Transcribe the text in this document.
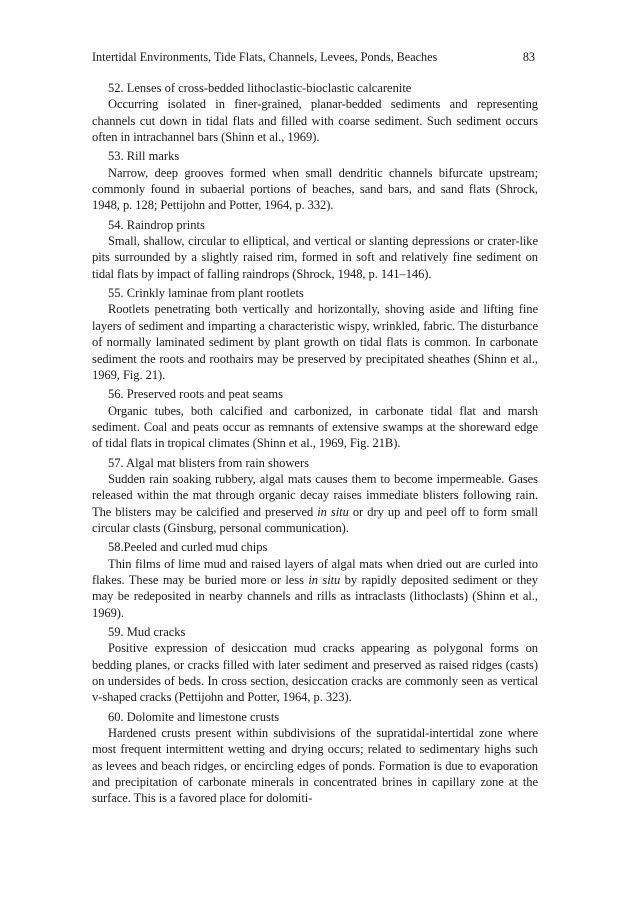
Intertidal Environments, Tide Flats, Channels, Levees, Ponds, Beaches	83

52. Lenses of cross-bedded lithoclastic-bioclastic calcarenite

Occurring isolated in finer-grained, planar-bedded sediments and representing channels cut down in tidal flats and filled with coarse sediment. Such sediment occurs often in intrachannel bars (Shinn et al., 1969).

53. Rill marks

Narrow, deep grooves formed when small dendritic channels bifurcate upstream; commonly found in subaerial portions of beaches, sand bars, and sand flats (Shrock, 1948, p. 128; Pettijohn and Potter, 1964, p. 332).

54. Raindrop prints

Small, shallow, circular to elliptical, and vertical or slanting depressions or crater-like pits surrounded by a slightly raised rim, formed in soft and relatively fine sediment on tidal flats by impact of falling raindrops (Shrock, 1948, p. 141–146).

55. Crinkly laminae from plant rootlets

Rootlets penetrating both vertically and horizontally, shoving aside and lifting fine layers of sediment and imparting a characteristic wispy, wrinkled, fabric. The disturbance of normally laminated sediment by plant growth on tidal flats is common. In carbonate sediment the roots and roothairs may be preserved by precipitated sheathes (Shinn et al., 1969, Fig. 21).

56. Preserved roots and peat seams

Organic tubes, both calcified and carbonized, in carbonate tidal flat and marsh sediment. Coal and peats occur as remnants of extensive swamps at the shoreward edge of tidal flats in tropical climates (Shinn et al., 1969, Fig. 21B).

57. Algal mat blisters from rain showers

Sudden rain soaking rubbery, algal mats causes them to become impermeable. Gases released within the mat through organic decay raises immediate blisters following rain. The blisters may be calcified and preserved in situ or dry up and peel off to form small circular clasts (Ginsburg, personal communication).

58.Peeled and curled mud chips

Thin films of lime mud and raised layers of algal mats when dried out are curled into flakes. These may be buried more or less in situ by rapidly deposited sediment or they may be redeposited in nearby channels and rills as intraclasts (lithoclasts) (Shinn et al., 1969).

59. Mud cracks

Positive expression of desiccation mud cracks appearing as polygonal forms on bedding planes, or cracks filled with later sediment and preserved as raised ridges (casts) on undersides of beds. In cross section, desiccation cracks are commonly seen as vertical v-shaped cracks (Pettijohn and Potter, 1964, p. 323).

60. Dolomite and limestone crusts

Hardened crusts present within subdivisions of the supratidal-intertidal zone where most frequent intermittent wetting and drying occurs; related to sedimentary highs such as levees and beach ridges, or encircling edges of ponds. Formation is due to evaporation and precipitation of carbonate minerals in concentrated brines in capillary zone at the surface. This is a favored place for dolomiti-
